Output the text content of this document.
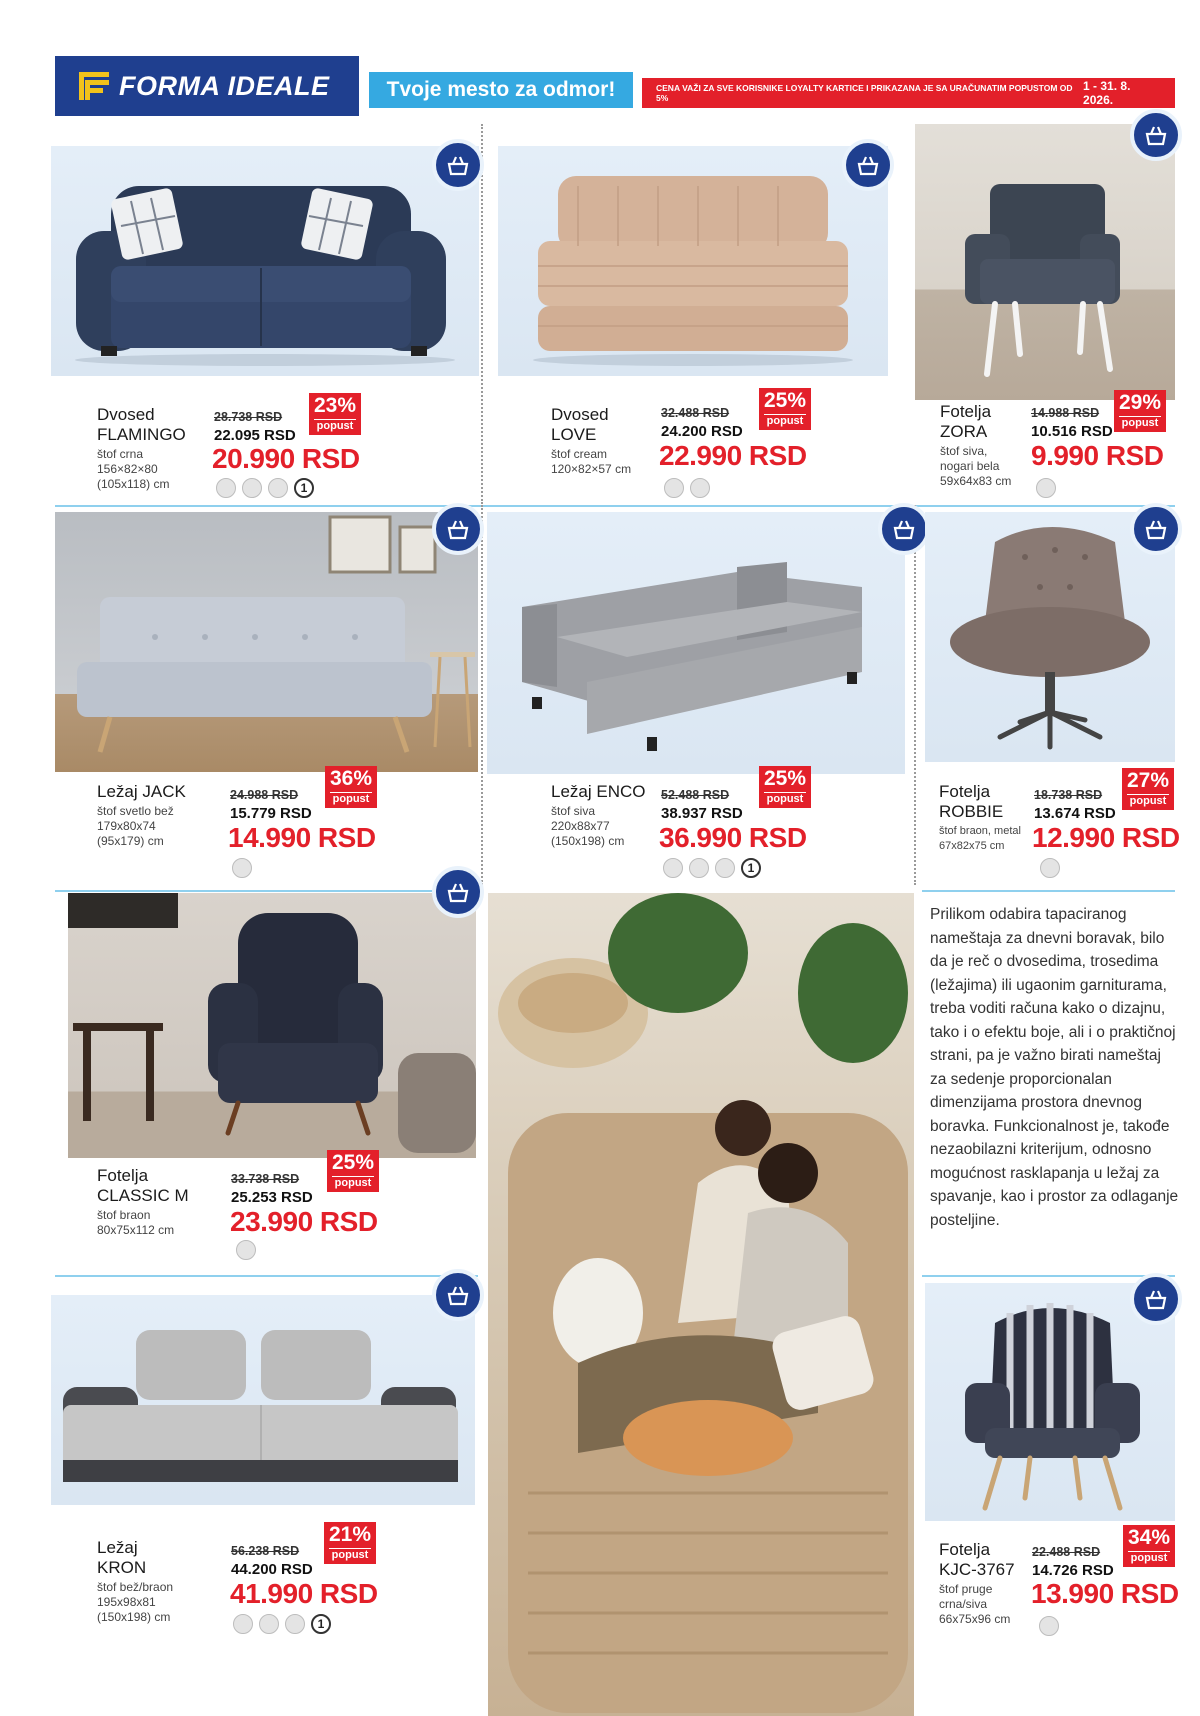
FORMA IDEALE	Tvoje mesto za odmor!	CENA VAŽI ZA SVE KORISNIKE LOYALTY KARTICE I PRIKAZANA JE SA URAČUNATIM POPUSTOM OD 5%
1 - 31. 8. 2026.
Dvosed
FLAMINGO
štof crna
156×82×80
(105x118) cm
28.738 RSD
22.095 RSD
23%
popust
20.990 RSD
1
Dvosed
LOVE
štof cream
120×82×57 cm
32.488 RSD
24.200 RSD
25%
popust
22.990 RSD
Fotelja
ZORA
štof siva,
nogari bela
59x64x83 cm
14.988 RSD
10.516 RSD
29%
popust
9.990 RSD
Ležaj JACK
štof svetlo bež
179x80x74
(95x179) cm
24.988 RSD
15.779 RSD
36%
popust
14.990 RSD
Ležaj ENCO
štof siva
220x88x77
(150x198) cm
52.488 RSD
38.937 RSD
25%
popust
36.990 RSD
1
Fotelja
ROBBIE
štof braon, metal
67x82x75 cm
18.738 RSD
13.674 RSD
27%
popust
12.990 RSD
Fotelja
CLASSIC M
štof braon
80x75x112 cm
33.738 RSD
25.253 RSD
25%
popust
23.990 RSD
Prilikom odabira tapaciranog nameštaja za dnevni boravak, bilo da je reč o dvosedima, trosedima (ležajima) ili ugaonim garniturama, treba voditi računa kako o dizajnu, tako i o efektu boje, ali i o praktičnoj strani, pa je važno birati nameštaj za sedenje proporcionalan dimenzijama prostora dnevnog boravka. Funkcionalnost je, takođe nezaobilazni kriterijum, odnosno mogućnost rasklapanja u ležaj za spavanje, kao i prostor za odlaganje posteljine.
Ležaj
KRON
štof bež/braon
195x98x81
(150x198) cm
56.238 RSD
44.200 RSD
21%
popust
41.990 RSD
1
Fotelja
KJC-3767
štof pruge
crna/siva
66x75x96 cm
22.488 RSD
14.726 RSD
34%
popust
13.990 RSD
